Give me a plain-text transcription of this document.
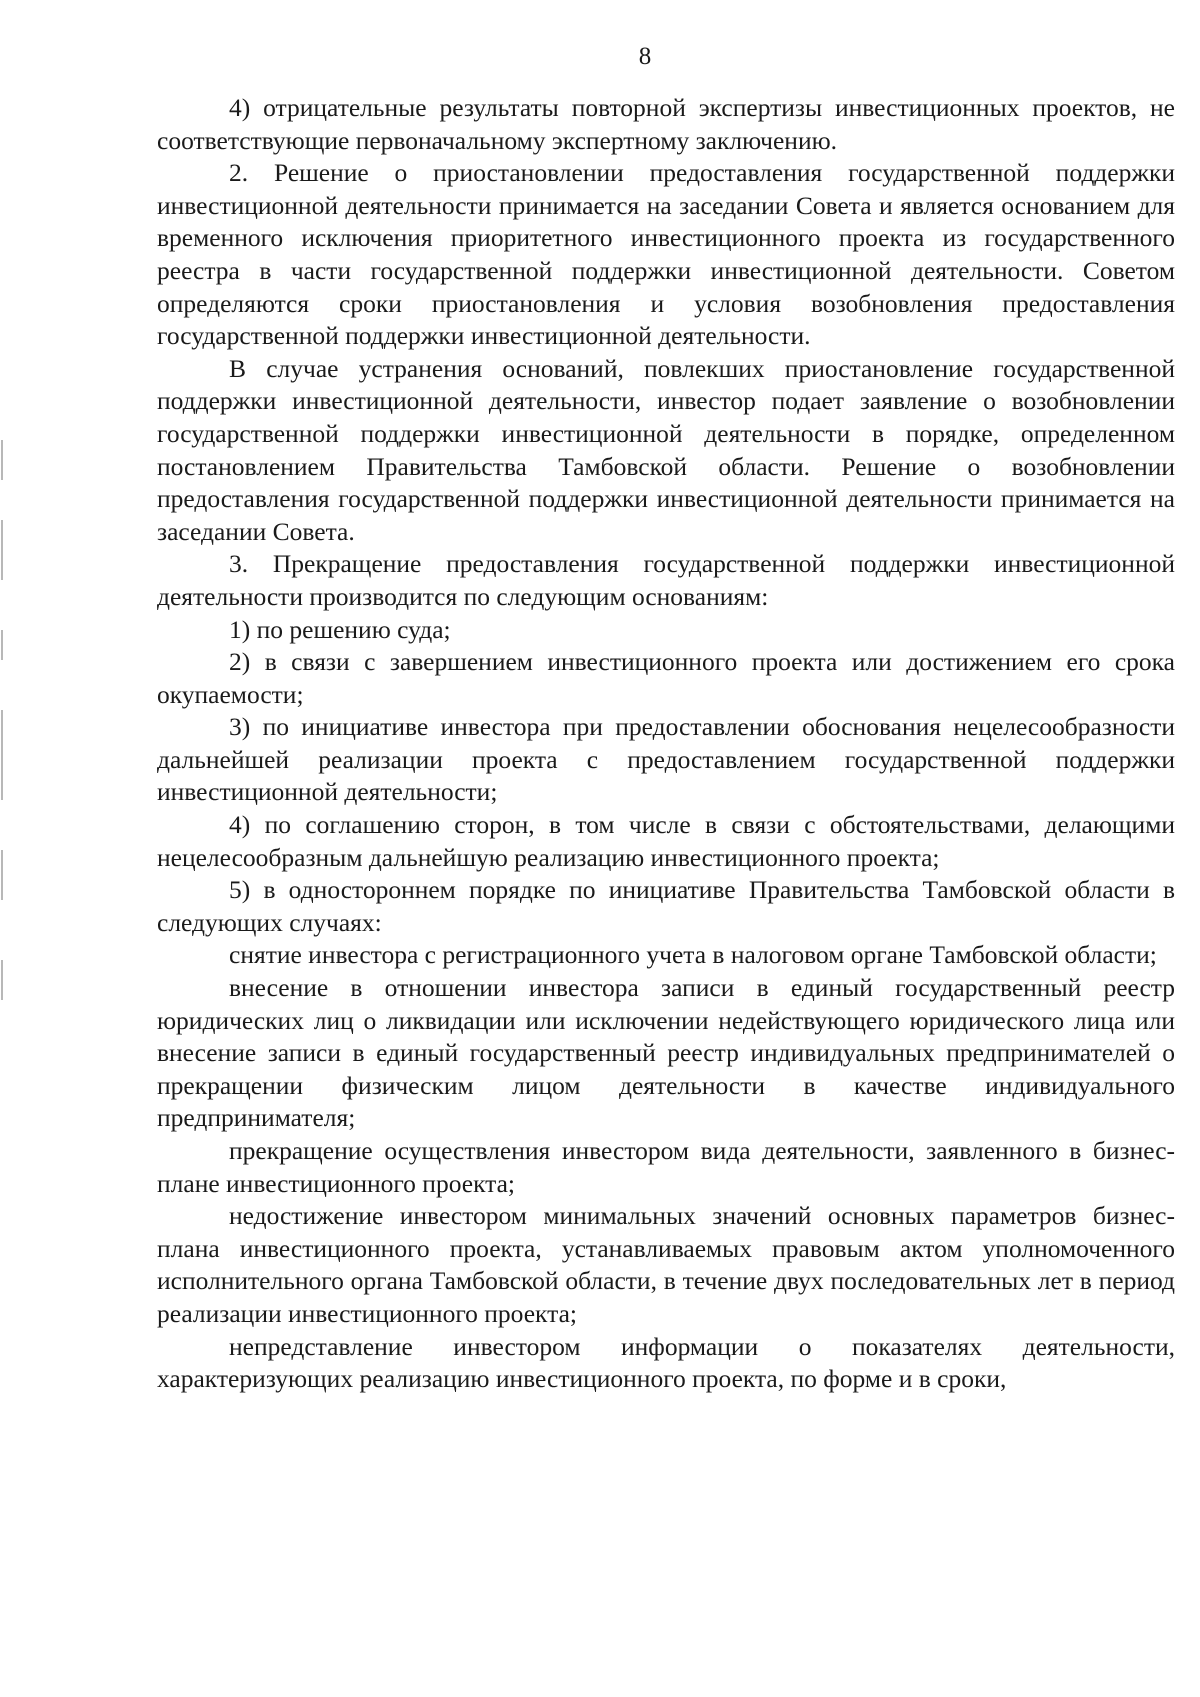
8

4) отрицательные результаты повторной экспертизы инвестиционных проектов, не соответствующие первоначальному экспертному заключению.

2. Решение о приостановлении предоставления государственной поддержки инвестиционной деятельности принимается на заседании Совета и является основанием для временного исключения приоритетного инвестиционного проекта из государственного реестра в части государственной поддержки инвестиционной деятельности. Советом определяются сроки приостановления и условия возобновления предоставления государственной поддержки инвестиционной деятельности.

В случае устранения оснований, повлекших приостановление государственной поддержки инвестиционной деятельности, инвестор подает заявление о возобновлении государственной поддержки инвестиционной деятельности в порядке, определенном постановлением Правительства Тамбовской области. Решение о возобновлении предоставления государственной поддержки инвестиционной деятельности принимается на заседании Совета.

3. Прекращение предоставления государственной поддержки инвестиционной деятельности производится по следующим основаниям:

1) по решению суда;

2) в связи с завершением инвестиционного проекта или достижением его срока окупаемости;

3) по инициативе инвестора при предоставлении обоснования нецелесообразности дальнейшей реализации проекта с предоставлением государственной поддержки инвестиционной деятельности;

4) по соглашению сторон, в том числе в связи с обстоятельствами, делающими нецелесообразным дальнейшую реализацию инвестиционного проекта;

5) в одностороннем порядке по инициативе Правительства Тамбовской области в следующих случаях:

снятие инвестора с регистрационного учета в налоговом органе Тамбовской области;

внесение в отношении инвестора записи в единый государственный реестр юридических лиц о ликвидации или исключении недействующего юридического лица или внесение записи в единый государственный реестр индивидуальных предпринимателей о прекращении физическим лицом деятельности в качестве индивидуального предпринимателя;

прекращение осуществления инвестором вида деятельности, заявленного в бизнес-плане инвестиционного проекта;

недостижение инвестором минимальных значений основных параметров бизнес-плана инвестиционного проекта, устанавливаемых правовым актом уполномоченного исполнительного органа Тамбовской области, в течение двух последовательных лет в период реализации инвестиционного проекта;

непредставление инвестором информации о показателях деятельности, характеризующих реализацию инвестиционного проекта, по форме и в сроки,
